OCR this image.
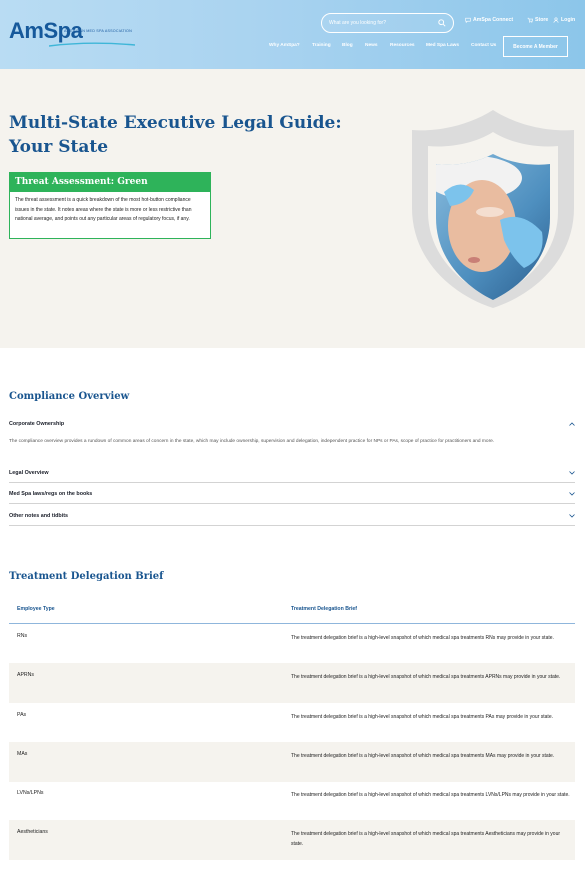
AmSpa
AMERICAN MED SPA ASSOCIATION
What are you looking for?	AmSpa Connect	Store Login
Why AmSpa?	Training Blog	News	Resources Med Spa Laws Contact Us	Become A Member
Multi-State Executive Legal Guide: Your State
Threat Assessment: Green
The threat assessment is a quick breakdown of the most hot-button compliance issues in the state. It notes areas where the state is more or less restrictive than national average, and points out any particular areas of regulatory focus, if any.
Compliance Overview
Corporate Ownership
The compliance overview provides a rundown of common areas of concern in the state, which may include ownership, supervision and delegation, independent practice for NPs or PAs, scope of practice for practitioners and more.
Legal Overview
Med Spa laws/regs on the books
Other notes and tidbits
Treatment Delegation Brief
Employee Type	Treatment Delegation Brief
RNs	The treatment delegation brief is a high-level snapshot of which medical spa treatments RNs may provide in your state.
APRNs	The treatment delegation brief is a high-level snapshot of which medical spa treatments APRNs may provide in your state.
PAs	The treatment delegation brief is a high-level snapshot of which medical spa treatments PAs may provide in your state.
MAs	The treatment delegation brief is a high-level snapshot of which medical spa treatments MAs may provide in your state.
LVNs/LPNs	The treatment delegation brief is a high-level snapshot of which medical spa treatments LVNs/LPNs may provide in your state.
Aestheticians	The treatment delegation brief is a high-level snapshot of which medical spa treatments Aestheticians may provide in your state.
